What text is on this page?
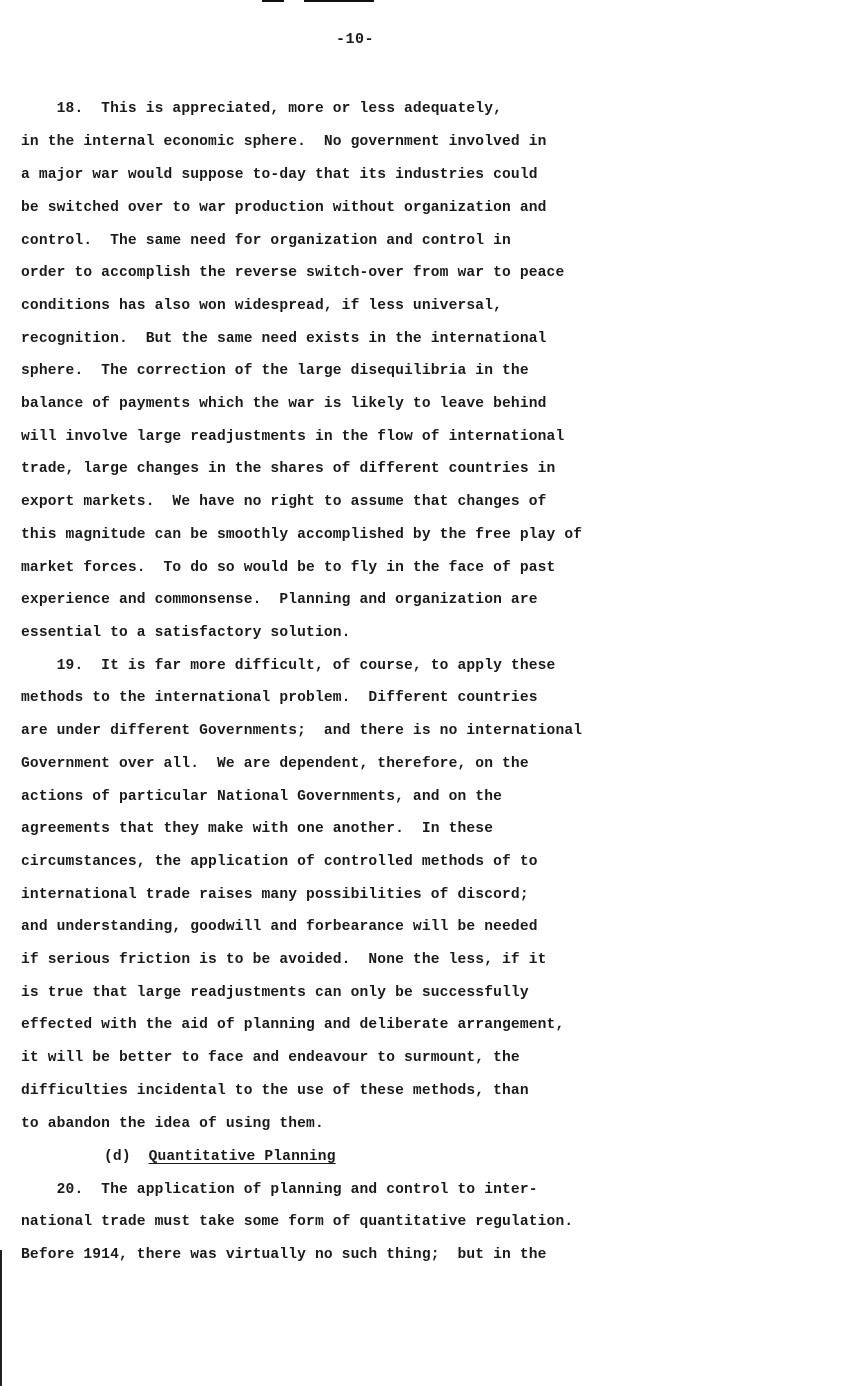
-10-
18.  This is appreciated, more or less adequately,
in the internal economic sphere.  No government involved in
a major war would suppose to-day that its industries could
be switched over to war production without organization and
control.  The same need for organization and control in
order to accomplish the reverse switch-over from war to peace
conditions has also won widespread, if less universal,
recognition.  But the same need exists in the international
sphere.  The correction of the large disequilibria in the
balance of payments which the war is likely to leave behind
will involve large readjustments in the flow of international
trade, large changes in the shares of different countries in
export markets.  We have no right to assume that changes of
this magnitude can be smoothly accomplished by the free play of
market forces.  To do so would be to fly in the face of past
experience and commonsense.  Planning and organization are
essential to a satisfactory solution.
19.  It is far more difficult, of course, to apply these
methods to the international problem.  Different countries
are under different Governments;  and there is no international
Government over all.  We are dependent, therefore, on the
actions of particular National Governments, and on the
agreements that they make with one another.  In these
circumstances, the application of controlled methods of to
international trade raises many possibilities of discord;
and understanding, goodwill and forbearance will be needed
if serious friction is to be avoided.  None the less, if it
is true that large readjustments can only be successfully
effected with the aid of planning and deliberate arrangement,
it will be better to face and endeavour to surmount, the
difficulties incidental to the use of these methods, than
to abandon the idea of using them.
(d) Quantitative Planning
20.  The application of planning and control to inter-
national trade must take some form of quantitative regulation.
Before 1914, there was virtually no such thing;  but in the
